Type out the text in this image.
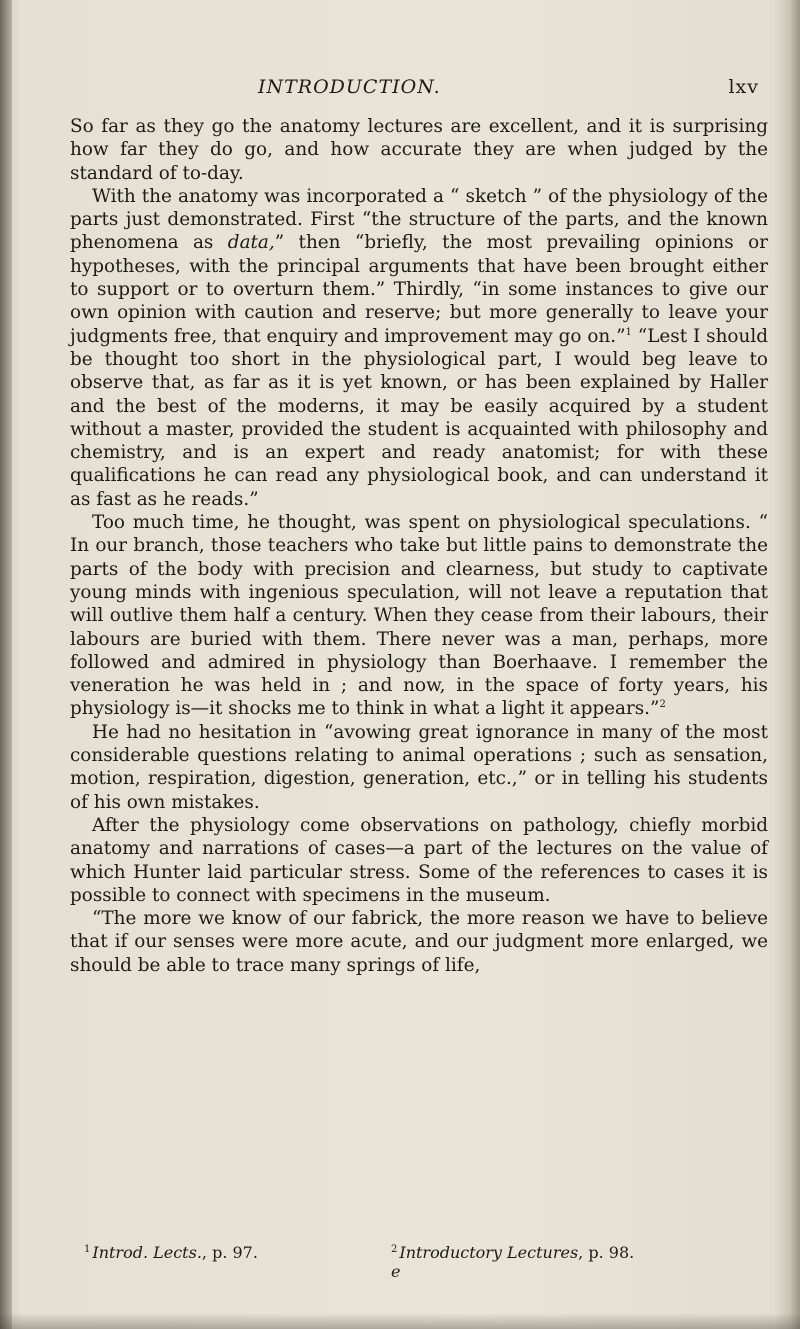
INTRODUCTION.	lxv

So far as they go the anatomy lectures are excellent, and it is surprising how far they do go, and how accurate they are when judged by the standard of to-day.

With the anatomy was incorporated a “ sketch ” of the physiology of the parts just demonstrated. First “the structure of the parts, and the known phenomena as data,” then “briefly, the most prevailing opinions or hypotheses, with the principal arguments that have been brought either to support or to overturn them.” Thirdly, “in some instances to give our own opinion with caution and reserve; but more generally to leave your judgments free, that enquiry and improvement may go on.”$^1$ “Lest I should be thought too short in the physiological part, I would beg leave to observe that, as far as it is yet known, or has been explained by Haller and the best of the moderns, it may be easily acquired by a student without a master, provided the student is acquainted with philosophy and chemistry, and is an expert and ready anatomist; for with these qualifications he can read any physiological book, and can understand it as fast as he reads.”

Too much time, he thought, was spent on physiological speculations. “ In our branch, those teachers who take but little pains to demonstrate the parts of the body with precision and clearness, but study to captivate young minds with ingenious speculation, will not leave a reputation that will outlive them half a century. When they cease from their labours, their labours are buried with them. There never was a man, perhaps, more followed and admired in physiology than Boerhaave. I remember the veneration he was held in ; and now, in the space of forty years, his physiology is—it shocks me to think in what a light it appears.”$^2$

He had no hesitation in “avowing great ignorance in many of the most considerable questions relating to animal operations ; such as sensation, motion, respiration, digestion, generation, etc.,” or in telling his students of his own mistakes.

After the physiology come observations on pathology, chiefly morbid anatomy and narrations of cases—a part of the lectures on the value of which Hunter laid particular stress. Some of the references to cases it is possible to connect with specimens in the museum.

“The more we know of our fabrick, the more reason we have to believe that if our senses were more acute, and our judgment more enlarged, we should be able to trace many springs of life,

$^1$ Introd. Lects., p. 97.	$^2$ Introductory Lectures, p. 98.
e
